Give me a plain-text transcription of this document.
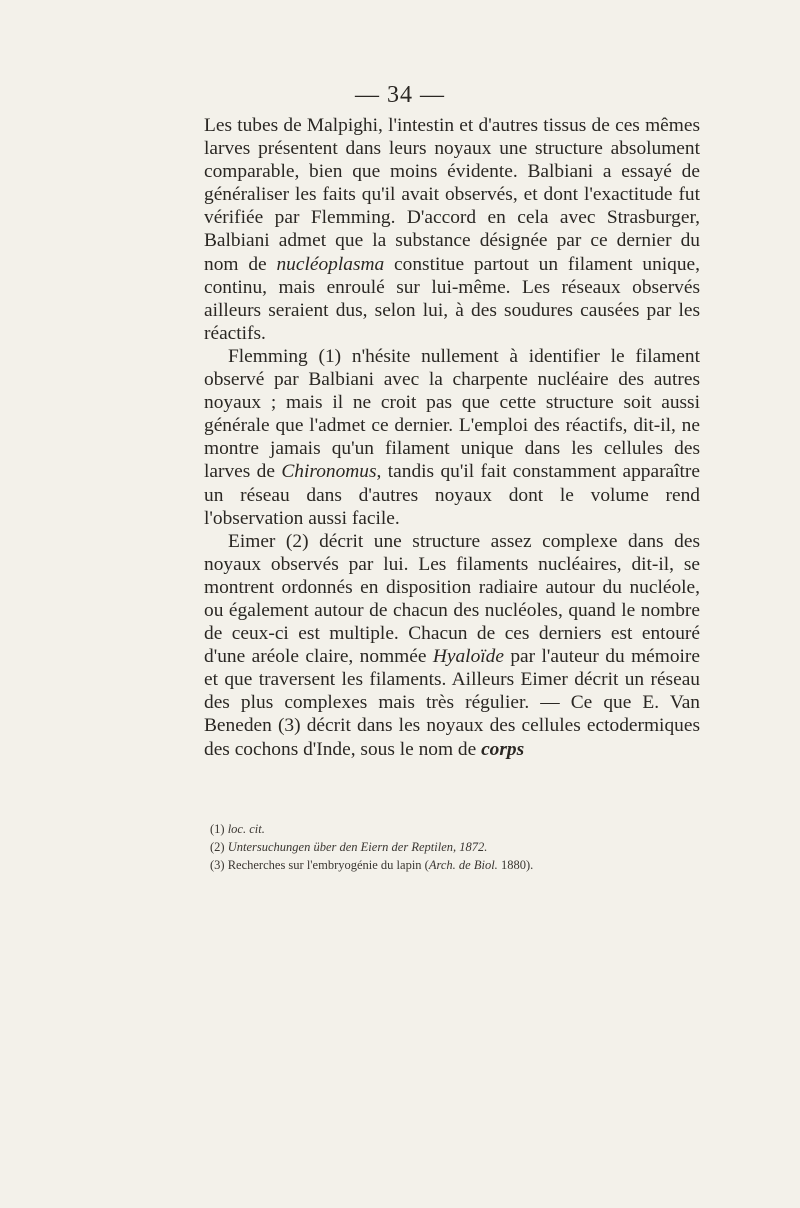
— 34 —

Les tubes de Malpighi, l'intestin et d'autres tissus de ces mêmes larves présentent dans leurs noyaux une structure absolument comparable, bien que moins évidente. Balbiani a essayé de généraliser les faits qu'il avait observés, et dont l'exactitude fut vérifiée par Flemming. D'accord en cela avec Strasburger, Balbiani admet que la substance désignée par ce dernier du nom de nucléoplasma constitue partout un filament unique, continu, mais enroulé sur lui-même. Les réseaux observés ailleurs seraient dus, selon lui, à des soudures causées par les réactifs.

Flemming (1) n'hésite nullement à identifier le filament observé par Balbiani avec la charpente nucléaire des autres noyaux ; mais il ne croit pas que cette structure soit aussi générale que l'admet ce dernier. L'emploi des réactifs, dit-il, ne montre jamais qu'un filament unique dans les cellules des larves de Chironomus, tandis qu'il fait constamment apparaître un réseau dans d'autres noyaux dont le volume rend l'observation aussi facile.

Eimer (2) décrit une structure assez complexe dans des noyaux observés par lui. Les filaments nucléaires, dit-il, se montrent ordonnés en disposition radiaire autour du nucléole, ou également autour de chacun des nucléoles, quand le nombre de ceux-ci est multiple. Chacun de ces derniers est entouré d'une aréole claire, nommée Hyaloïde par l'auteur du mémoire et que traversent les filaments. Ailleurs Eimer décrit un réseau des plus complexes mais très régulier. — Ce que E. Van Beneden (3) décrit dans les noyaux des cellules ectodermiques des cochons d'Inde, sous le nom de corps

(1) loc. cit.

(2) Untersuchungen über den Eiern der Reptilen, 1872.

(3) Recherches sur l'embryogénie du lapin (Arch. de Biol. 1880).
